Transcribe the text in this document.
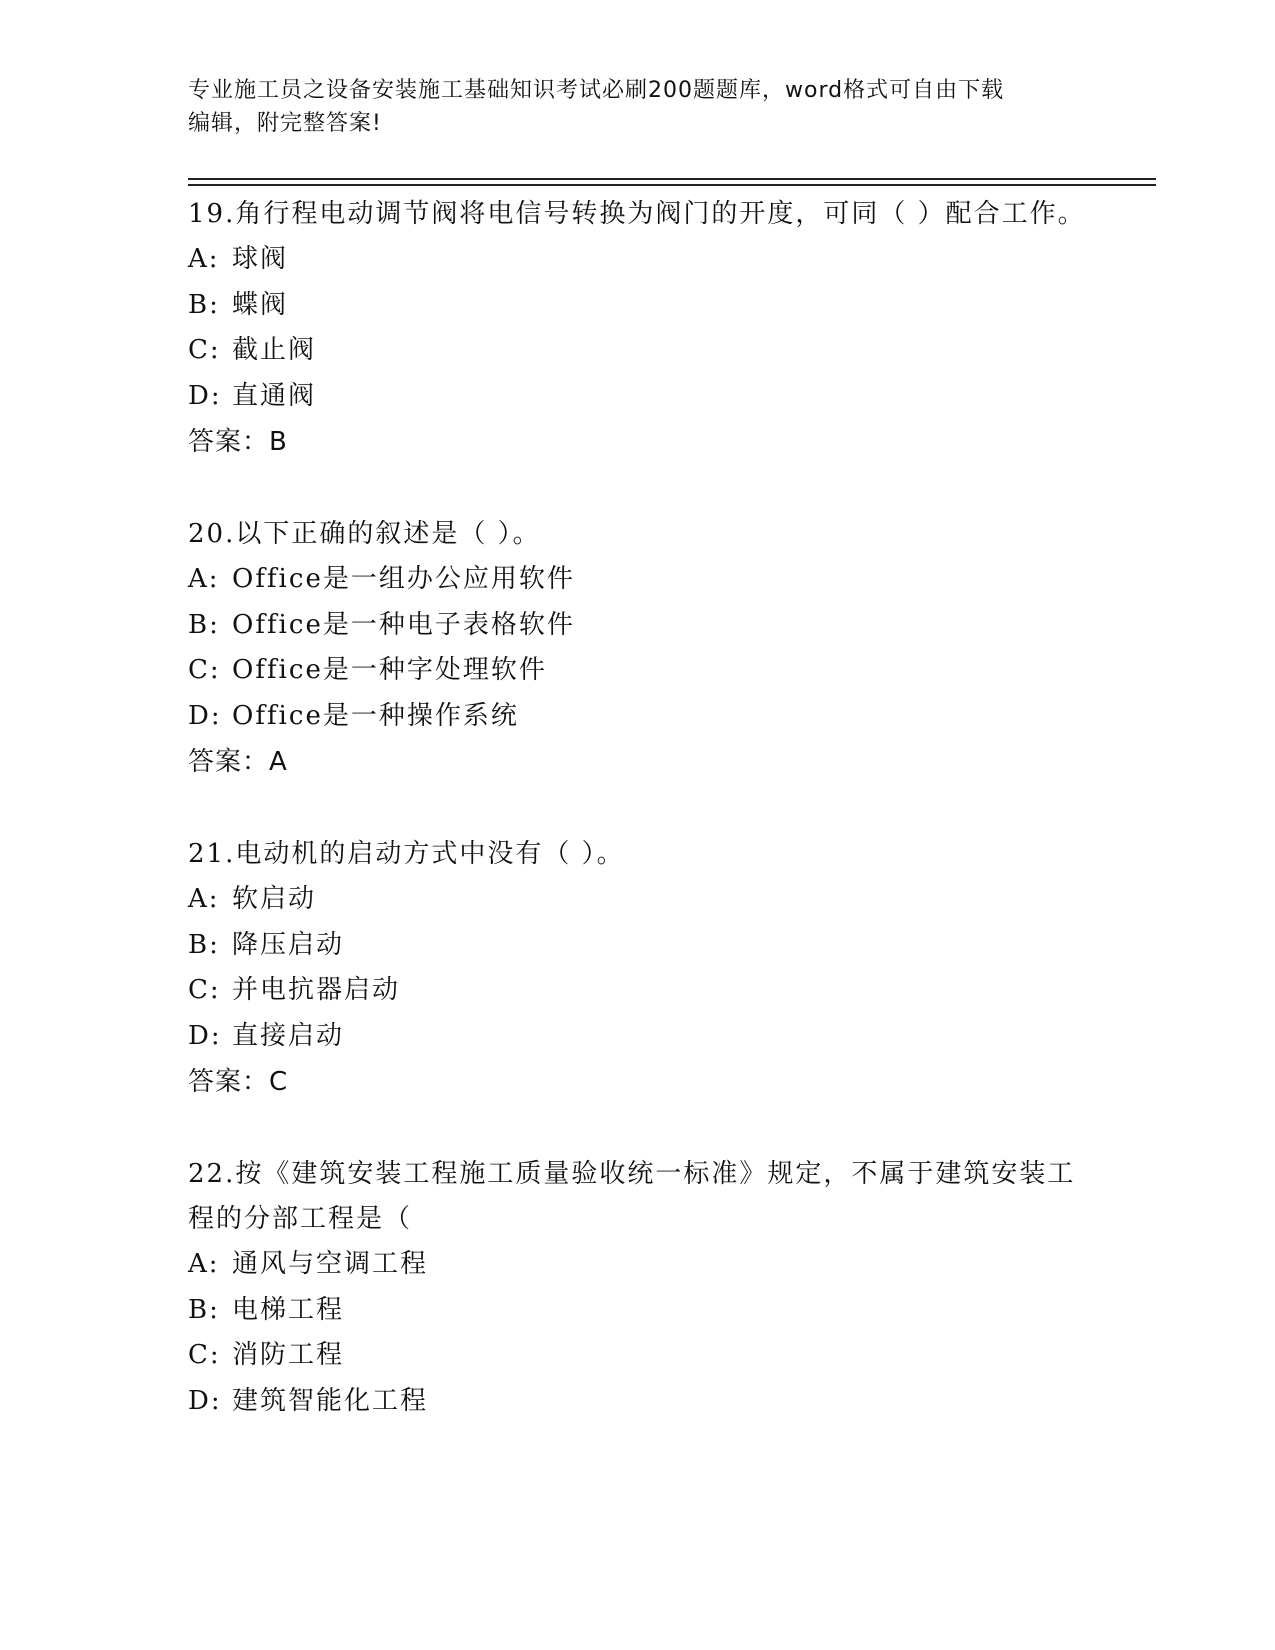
专业施工员之设备安装施工基础知识考试必刷200题题库，word格式可自由下载
编辑，附完整答案!
19.角行程电动调节阀将电信号转换为阀门的开度，可同（ ）配合工作。
A: 球阀
B: 蝶阀
C: 截止阀
D: 直通阀
答案：B
20.以下正确的叙述是（ ）。
A: Office是一组办公应用软件
B: Office是一种电子表格软件
C: Office是一种字处理软件
D: Office是一种操作系统
答案：A
21.电动机的启动方式中没有（ ）。
A: 软启动
B: 降压启动
C: 并电抗器启动
D: 直接启动
答案：C
22.按《建筑安装工程施工质量验收统一标准》规定，不属于建筑安装工程的分部工程是（
A: 通风与空调工程
B: 电梯工程
C: 消防工程
D: 建筑智能化工程
